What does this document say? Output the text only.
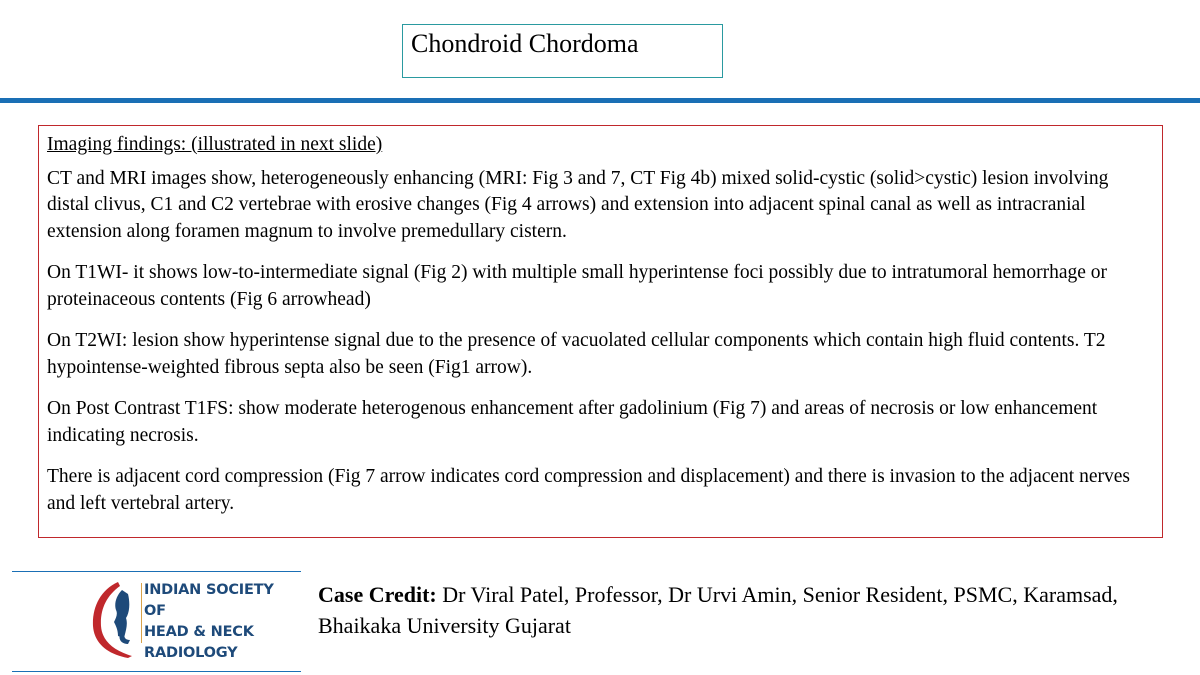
Chondroid Chordoma

Imaging findings: (illustrated in next slide)

CT and MRI images show, heterogeneously enhancing (MRI: Fig 3 and 7, CT Fig 4b) mixed solid-cystic (solid>cystic) lesion involving distal clivus, C1 and C2 vertebrae with erosive changes (Fig 4 arrows) and extension into adjacent spinal canal as well as intracranial extension along foramen magnum to involve premedullary cistern.

On T1WI- it shows low-to-intermediate signal (Fig 2) with multiple small hyperintense foci possibly due to intratumoral hemorrhage or proteinaceous contents (Fig 6 arrowhead)

On T2WI: lesion show hyperintense signal due to the presence of vacuolated cellular components which contain high fluid contents. T2 hypointense-weighted fibrous septa also be seen (Fig1 arrow).

On Post Contrast T1FS: show moderate heterogenous enhancement after gadolinium (Fig 7) and areas of necrosis or low enhancement indicating necrosis.

There is adjacent cord compression (Fig 7 arrow indicates cord compression and displacement) and there is invasion to the adjacent nerves and left vertebral artery.

INDIAN SOCIETY OF
HEAD & NECK
RADIOLOGY
Case Credit: Dr Viral Patel, Professor, Dr Urvi Amin, Senior Resident, PSMC, Karamsad, Bhaikaka University Gujarat
